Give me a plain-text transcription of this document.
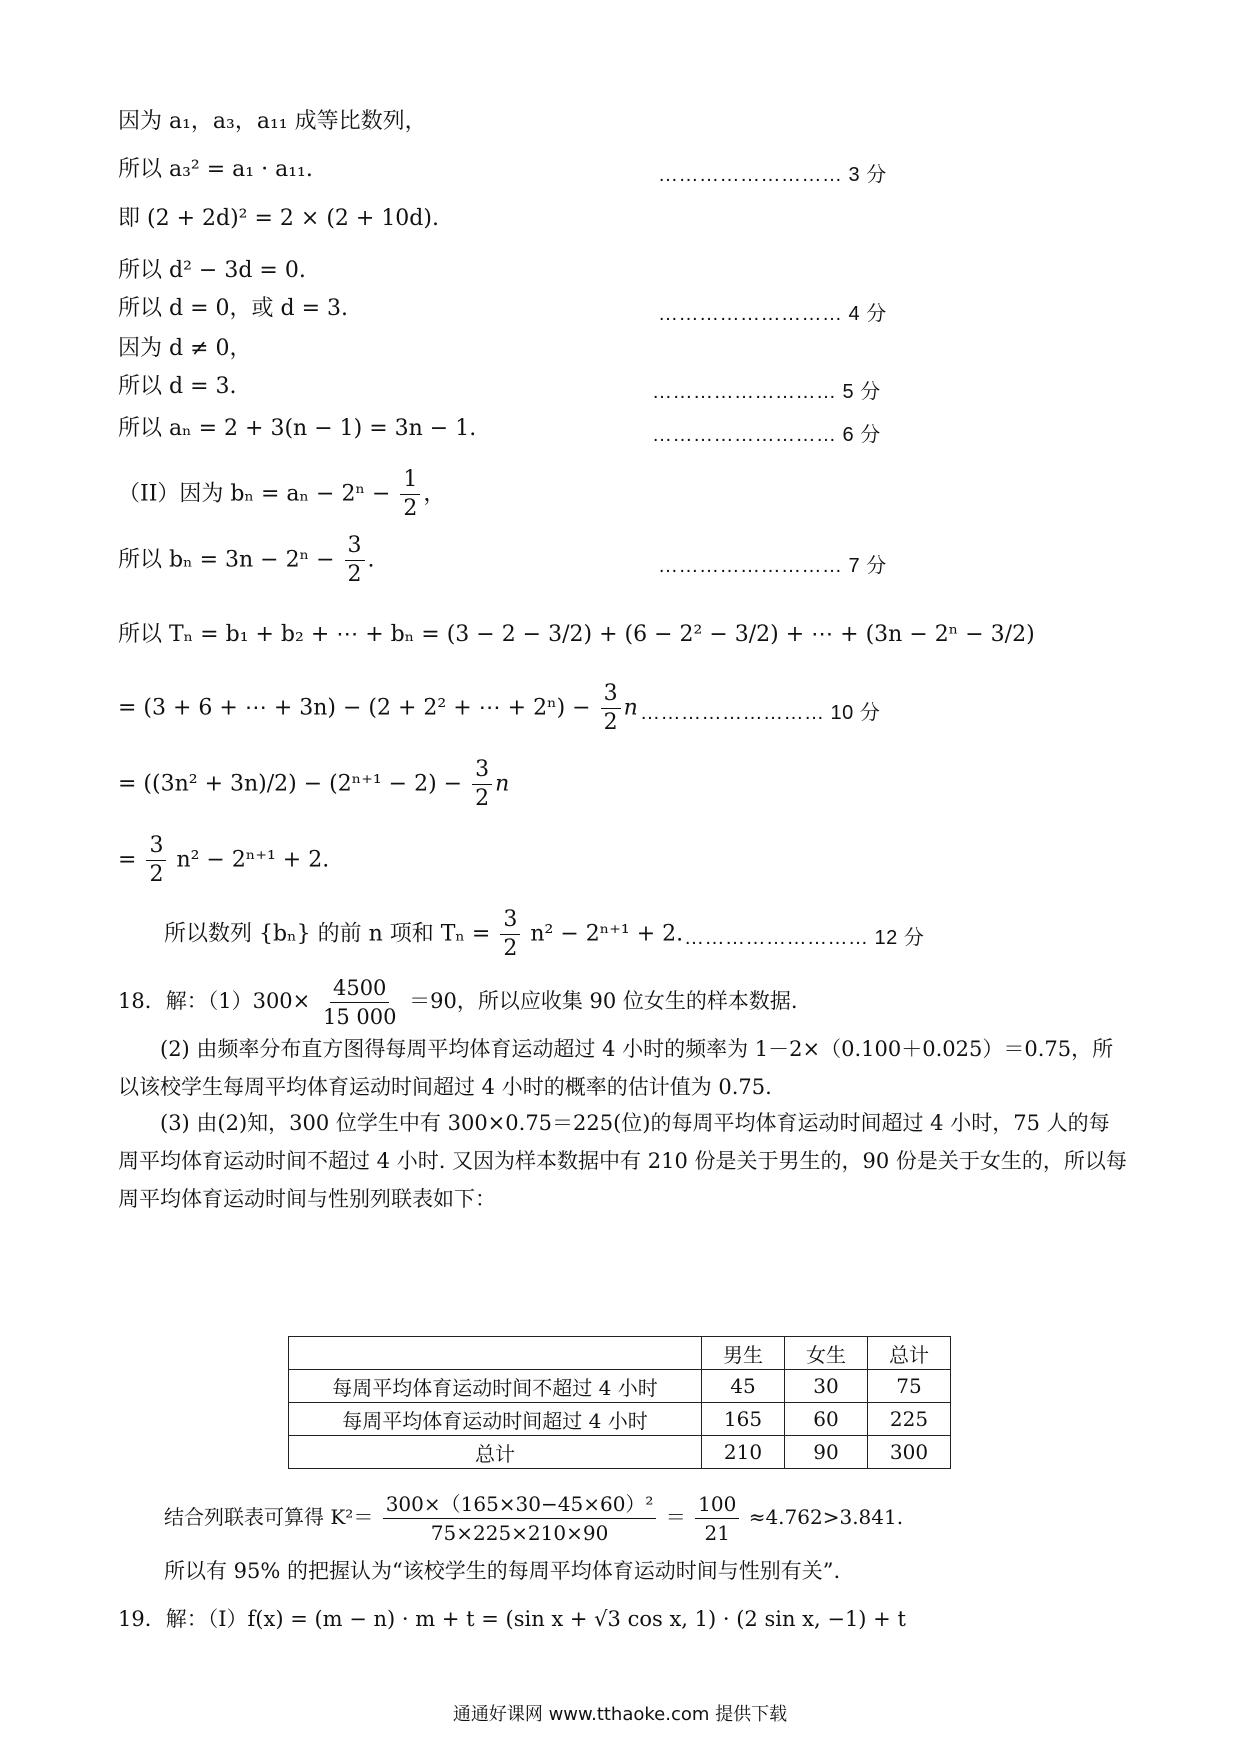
因为 a₁，a₃，a₁₁ 成等比数列，
所以 a₃² = a₁ · a₁₁.	……………………… 3 分
即 (2 + 2d)² = 2 × (2 + 10d).
所以 d² − 3d = 0.
所以 d = 0，或 d = 3.	……………………… 4 分
因为 d ≠ 0，
所以 d = 3.	……………………… 5 分
所以 aₙ = 2 + 3(n − 1) = 3n − 1.	……………………… 6 分
（II）因为 $b_n = a_n - 2^n - \frac{1}{2}$ ，
所以 $b_n = 3n - 2^n - \frac{3}{2}$ .	……………………… 7 分
所以 Tₙ = b₁ + b₂ + ⋯ + bₙ = (3 − 2 − 3/2) + (6 − 2² − 3/2) + ⋯ + (3n − 2ⁿ − 3/2)
= (3 + 6 + ⋯ + 3n) − (2 + 2² + ⋯ + $2^n) - \frac{3}{2}$ n ……………………… 10 分
= $((3n^2 + 3n)/2) - (2^{n+1} - 2) - \frac{3}{2}$ n
= $\frac{3}{2} n^2 - 2^{n+1} + 2$.
所以数列 {bₙ} 的前 n 项和 $T_n = \frac{3}{2} n^2 - 2^{n+1} + 2$. ……………………… 12 分
18．解：$(1)300\times \frac{4500}{15 000} =90$，所以应收集 90 位女生的样本数据.

(2) 由频率分布直方图得每周平均体育运动超过 4 小时的频率为 1－2×（0.100＋0.025）＝0.75，所以该校学生每周平均体育运动时间超过 4 小时的概率的估计值为 0.75.

(3) 由(2)知，300 位学生中有 300×0.75＝225(位)的每周平均体育运动时间超过 4 小时，75 人的每周平均体育运动时间不超过 4 小时. 又因为样本数据中有 210 份是关于男生的，90 份是关于女生的，所以每周平均体育运动时间与性别列联表如下：

	男生	女生	总计
每周平均体育运动时间不超过 4 小时	45	30	75
每周平均体育运动时间超过 4 小时	165	60	225
总计	210	90	300
结合列联表可算得 $K^2= \frac{\text{300×（165×30−45×60）²}}{75\times 225\times 210\times 90} = \frac{100}{21} \approx 4.762>3.841$.
所以有 95% 的把握认为“该校学生的每周平均体育运动时间与性别有关”.
19．解：（I）f(x) = (m − n) · m + t = (sin x + √3 cos x, 1) · (2 sin x, −1) + t
通通好课网 www.tthaoke.com 提供下载
